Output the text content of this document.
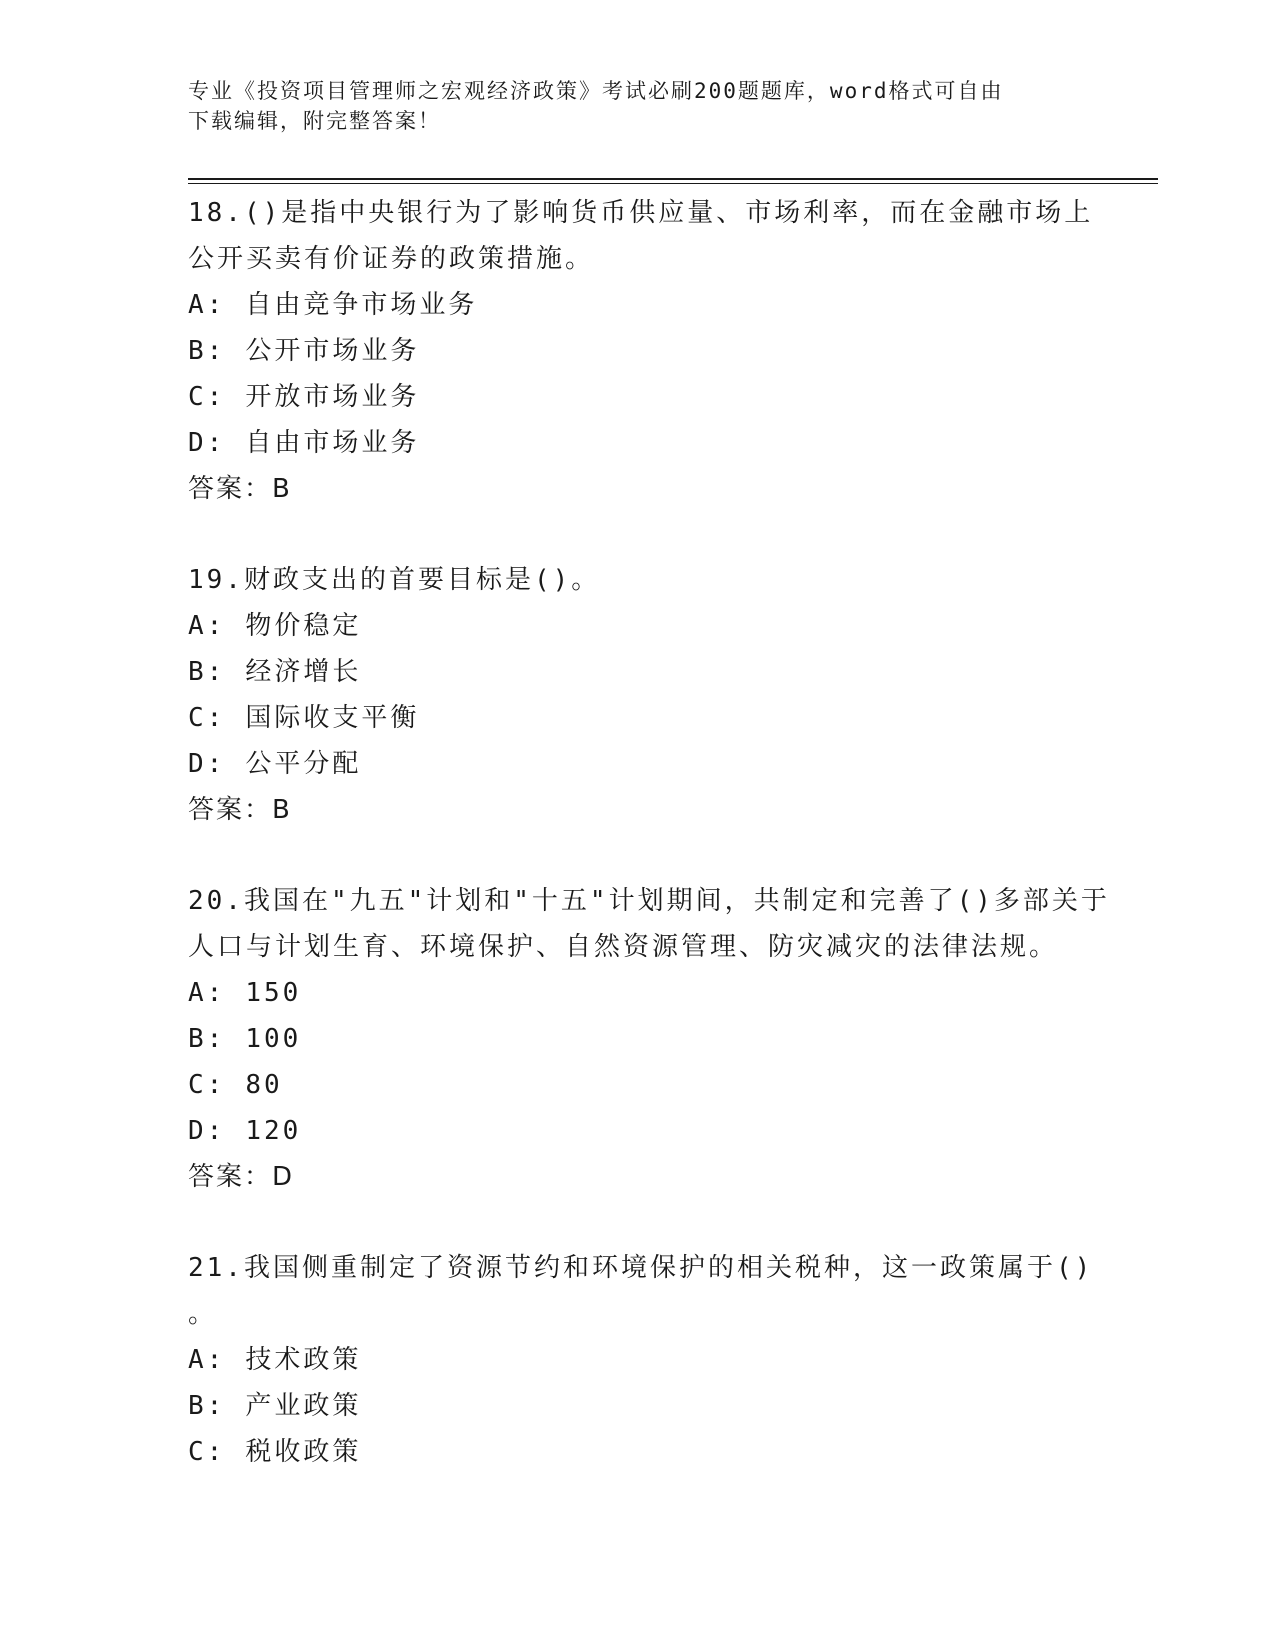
专业《投资项目管理师之宏观经济政策》考试必刷200题题库，word格式可自由
下载编辑，附完整答案！
18.()是指中央银行为了影响货币供应量、市场利率，而在金融市场上
公开买卖有价证券的政策措施。
A: 自由竞争市场业务
B: 公开市场业务
C: 开放市场业务
D: 自由市场业务
答案：B
19.财政支出的首要目标是()。
A: 物价稳定
B: 经济增长
C: 国际收支平衡
D: 公平分配
答案：B
20.我国在"九五"计划和"十五"计划期间，共制定和完善了()多部关于
人口与计划生育、环境保护、自然资源管理、防灾减灾的法律法规。
A: 150
B: 100
C: 80
D: 120
答案：D
21.我国侧重制定了资源节约和环境保护的相关税种，这一政策属于()
。
A: 技术政策
B: 产业政策
C: 税收政策
